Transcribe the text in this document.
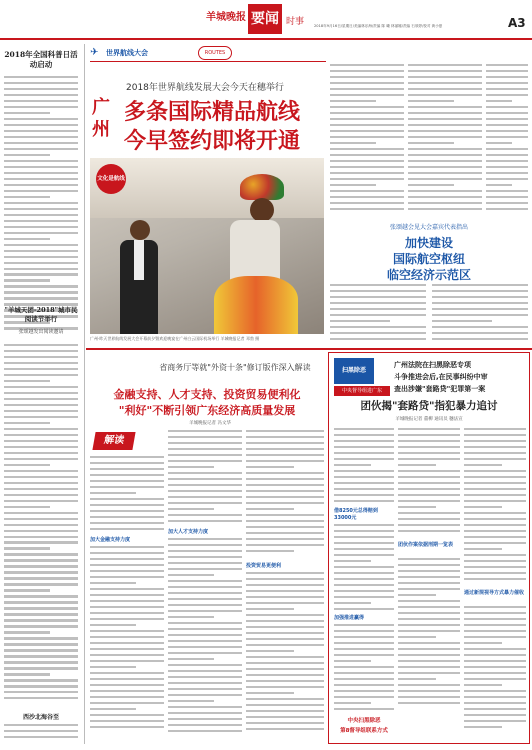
羊城晚报 要闻 时事	2018年9月16日/星期日/美编林乐海/责编 陈 曦 林丽娜/责编 石颂婷/校对 黄小夏	A3
2018年全国科普日活动启动
"羊城天团-2018"城市民阅读节举行
张颂越发出阅读邀请
西沙北海谷至
✈ 世界航线大会	ROUTES
2018年世界航线发展大会今天在穗举行
广州
多条国际精品航线
今早签约即将开通
文化是航线
广州·昨天世界航线发展大会开幕前夕暨欢迎晚宴在广州白云国际机场举行 羊城晚报记者 邓勃 摄
张颂越会见大会嘉宾代表指出
加快建设
国际航空枢纽
临空经济示范区
省商务厅等就"外资十条"修订版作深入解读
金融支持、人才支持、投资贸易便利化
"利好"不断引领广东经济高质量发展
羊城晚报记者 冯文华
解读
加大金融支持力度
加大人才支持力度
投资贸易更便利
扫黑除恶
中央督导组进广东
广州法院在扫黑除恶专项
斗争推进会后,在民事纠纷中审
查出涉嫌"套路贷"犯罪第一案
团伙揭"套路贷"指犯暴力追讨
羊城晚报记者 董柳 通讯员 穗法宣
借8250元总得赔到33000元
加强推进赢得
团伙作案依据刑期一览表
通过新规视导方式暴力催收
中央扫黑除恶
第8督导组联系方式
